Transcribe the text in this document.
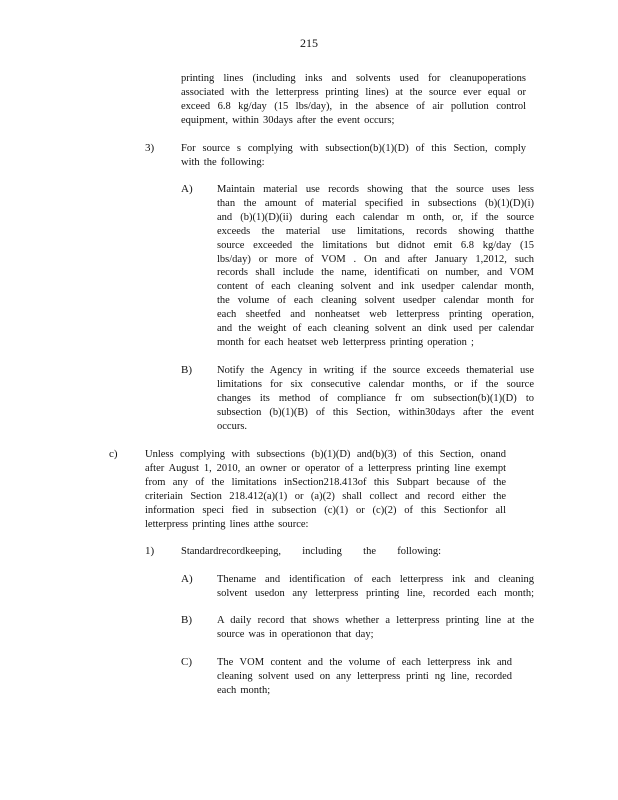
215
printing lines (including inks and solvents used for cleanupoperations
associated with the letterpress printing lines) at the source ever equal or
exceed 6.8 kg/day (15 lbs/day), in the absence of air pollution control
equipment, within 30days after the event occurs;
3)	For source s complying with subsection(b)(1)(D) of this Section, comply
with the following:
A) Maintain material use records showing that the source uses less
than the amount of material specified in subsections (b)(1)(D)(i)
and (b)(1)(D)(ii) during each calendar m onth, or, if the source
exceeds the material use limitations, records showing thatthe
source exceeded the limitations but didnot emit 6.8 kg/day (15
lbs/day) or more of VOM . On and after January 1,2012, such
records shall include the name, identificati on number, and VOM
content of each cleaning solvent and ink usedper calendar month,
the volume of each cleaning solvent usedper calendar month for
each sheetfed and nonheatset web letterpress printing operation,
and the weight of each cleaning solvent an dink used per calendar
month for each heatset web letterpress printing operation ;
B) Notify the Agency in writing if the source exceeds thematerial use
limitations for six consecutive calendar months, or if the source
changes its method of compliance fr om subsection(b)(1)(D) to
subsection (b)(1)(B) of this Section, within30days after the event
occurs.
c)	Unless complying with subsections (b)(1)(D) and(b)(3) of this Section, onand
after August 1, 2010, an owner or operator of a letterpress printing line exempt
from any of the limitations inSection218.413of this Subpart because of the
criteriain Section 218.412(a)(1) or (a)(2) shall collect and record either the
information speci fied in subsection (c)(1) or (c)(2) of this Sectionfor all
letterpress printing lines atthe source:
1)	Standardrecordkeeping, including the following:
A) Thename and identification of each letterpress ink and cleaning
solvent usedon any letterpress printing line, recorded each month;
B) A daily record that shows whether a letterpress printing line at the
source was in operationon that day;
C) The VOM content and the volume of each letterpress ink and
cleaning solvent used on any letterpress printi ng line, recorded
each month;
